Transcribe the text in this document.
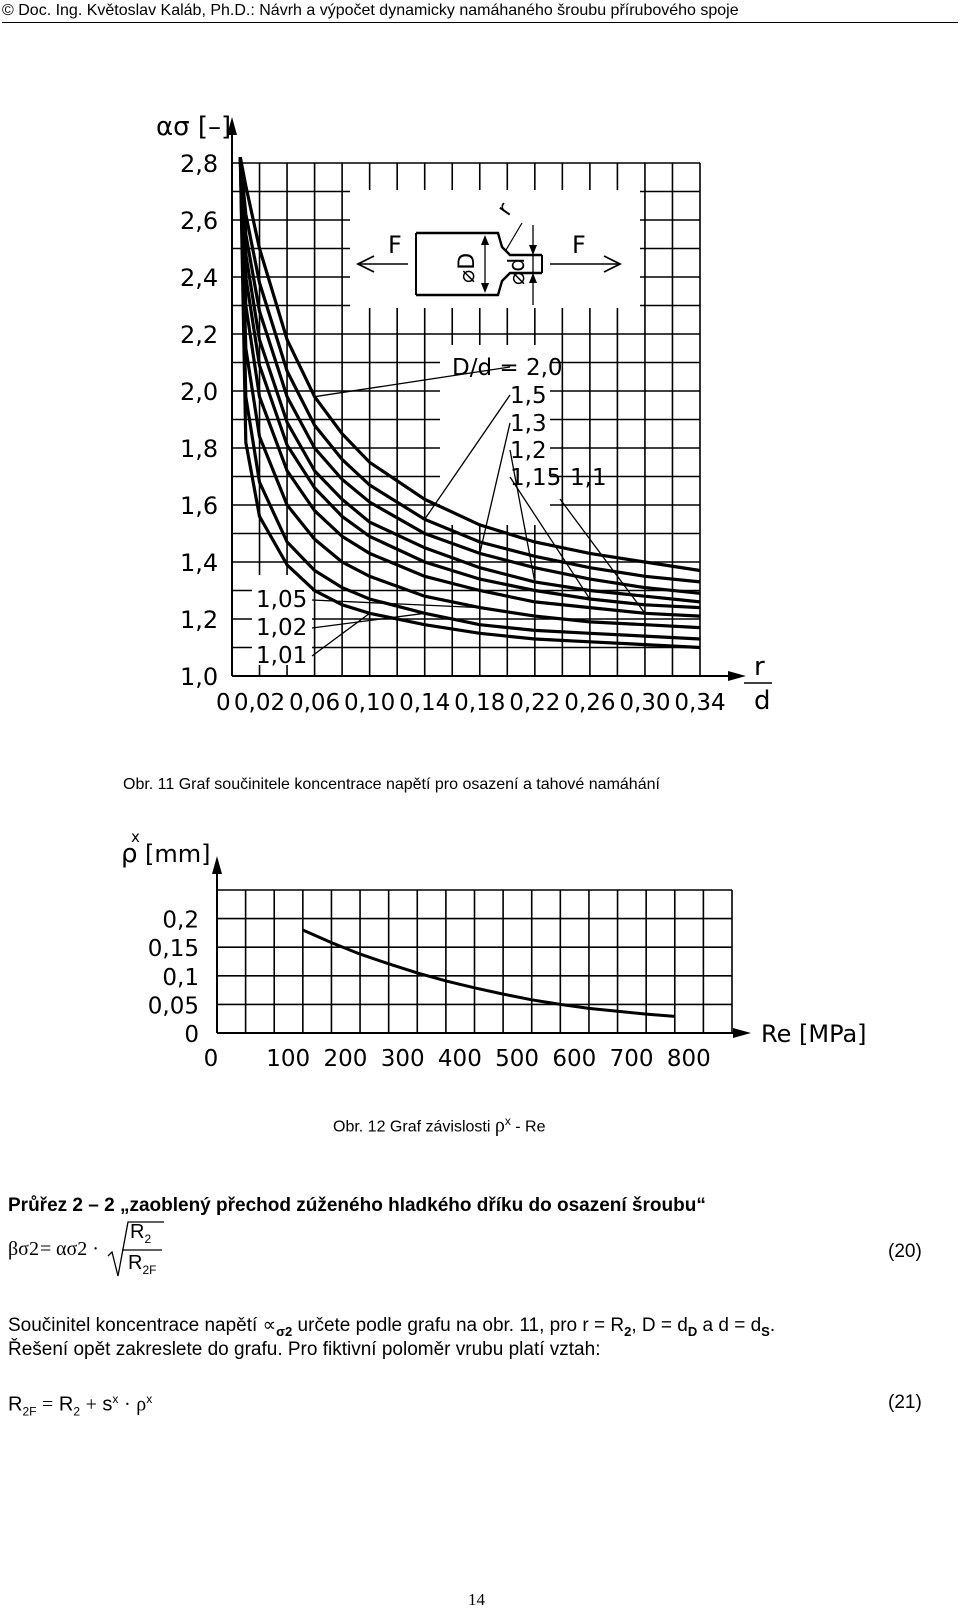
© Doc. Ing. Květoslav Kaláb, Ph.D.: Návrh a výpočet dynamicky namáhaného šroubu přírubového spoje
1,0
1,2
1,4
1,6
1,8
2,0
2,2
2,4
2,6
2,8
0 0,02 0,06 0,10 0,14 0,18 0,22 0,26 0,30 0,34
ασ [–]
r
d
D/d = 2,0
1,5
1,3
1,2
1,15 1,1
1,05
1,02
1,01
F	F
⌀D ⌀d
r
Obr. 11 Graf součinitele koncentrace napětí pro osazení a tahové namáhání
0
0,05
0,1
0,15
0,2
0 100 200 300 400 500 600 700 800
ρ
x
[mm]
Re [MPa]
Obr. 12 Graf závislosti $\rho^x$ - Re
Průřez 2 – 2 „zaoblený přechod zúženého hladkého dříku do osazení šroubu“
βσ2 = ασ2 ·
$R_2$
$R_{2F}$
(20)
Součinitel koncentrace napětí $\propto_{\sigma 2}$ určete podle grafu na obr. 11, pro $r = R_2$, $D = d_D$ a $d = d_S$.
Řešení opět zakreslete do grafu. Pro fiktivní poloměr vrubu platí vztah:
$R_{2F} = R_2 + s^x \cdot \rho^x$	(21)
14
